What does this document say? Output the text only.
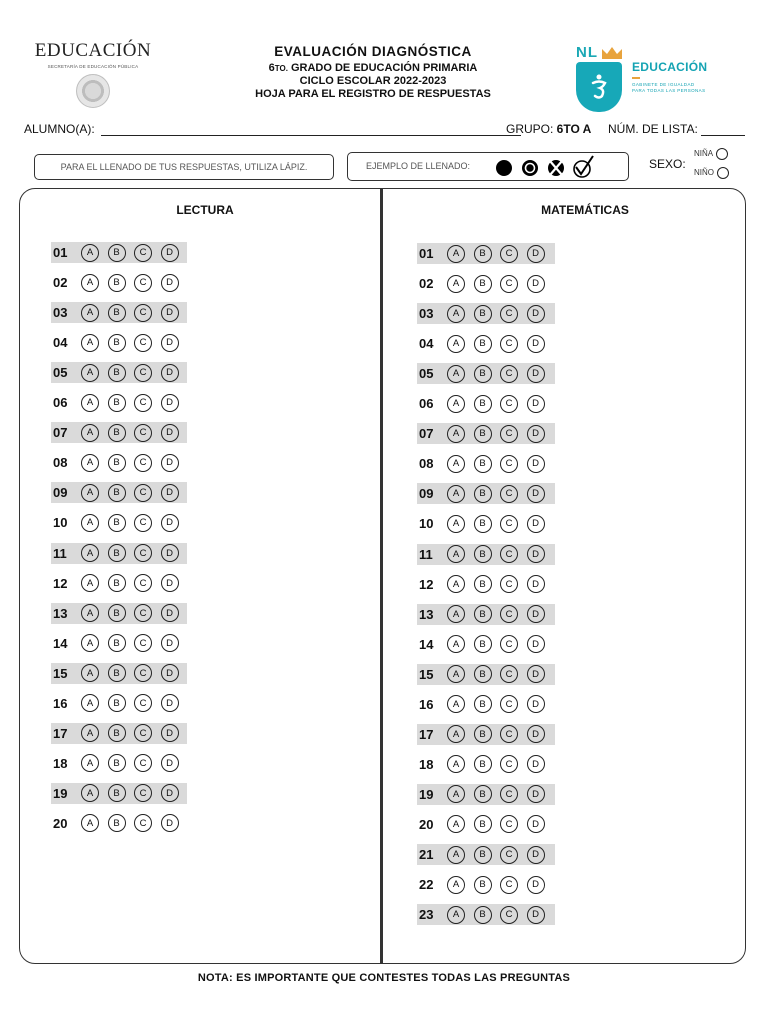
EDUCACIÓN
SECRETARÍA DE EDUCACIÓN PÚBLICA
EVALUACIÓN DIAGNÓSTICA
6TO. GRADO DE EDUCACIÓN PRIMARIA
CICLO ESCOLAR 2022-2023
HOJA PARA EL REGISTRO DE RESPUESTAS
NL
EDUCACIÓN
GABINETE DE IGUALDAD
PARA TODAS LAS PERSONAS
ALUMNO(A):	GRUPO: 6TO A NÚM. DE LISTA:
PARA EL LLENADO DE TUS RESPUESTAS, UTILIZA LÁPIZ.	EJEMPLO DE LLENADO:	SEXO:
NIÑA
NIÑO
LECTURA	MATEMÁTICAS
01	A	B	C	D
02	A	B	C	D
03	A	B	C	D
04	A	B	C	D
05	A	B	C	D
06	A	B	C	D
07	A	B	C	D
08	A	B	C	D
09	A	B	C	D
10	A	B	C	D
11	A	B	C	D
12	A	B	C	D
13	A	B	C	D
14	A	B	C	D
15	A	B	C	D
16	A	B	C	D
17	A	B	C	D
18	A	B	C	D
19	A	B	C	D
20	A	B	C	D
01	A	B	C	D
02	A	B	C	D
03	A	B	C	D
04	A	B	C	D
05	A	B	C	D
06	A	B	C	D
07	A	B	C	D
08	A	B	C	D
09	A	B	C	D
10	A	B	C	D
11	A	B	C	D
12	A	B	C	D
13	A	B	C	D
14	A	B	C	D
15	A	B	C	D
16	A	B	C	D
17	A	B	C	D
18	A	B	C	D
19	A	B	C	D
20	A	B	C	D
21	A	B	C	D
22	A	B	C	D
23	A	B	C	D
NOTA: ES IMPORTANTE QUE CONTESTES TODAS LAS PREGUNTAS
